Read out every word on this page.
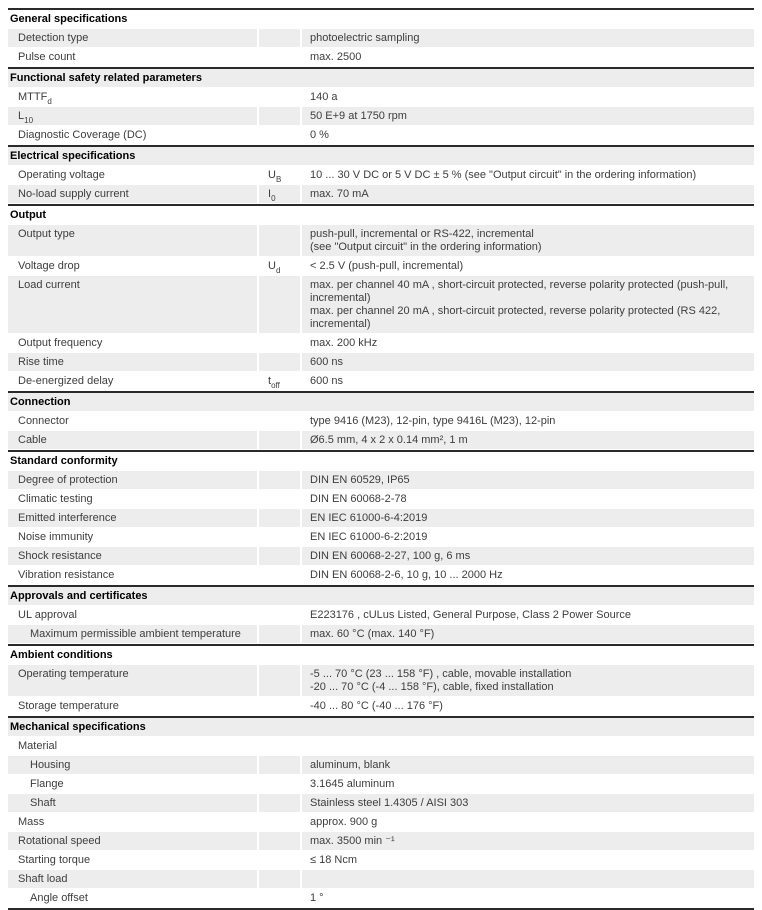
General specifications
Detection type	photoelectric sampling
Pulse count	max. 2500
Functional safety related parameters
$MTTF_d$	140 a
$L_{10}$	50 E+9 at 1750 rpm
Diagnostic Coverage (DC)	0 %
Electrical specifications
Operating voltage	$U_B$	10 ... 30 V DC or 5 V DC ± 5 % (see "Output circuit" in the ordering information)
No-load supply current	$I_0$	max. 70 mA
Output
Output type	push-pull, incremental or RS-422, incremental
(see "Output circuit" in the ordering information)
Voltage drop	$U_d$	< 2.5 V (push-pull, incremental)
Load current	max. per channel 40 mA , short-circuit protected, reverse polarity protected (push-pull, incremental)
max. per channel 20 mA , short-circuit protected, reverse polarity protected (RS 422, incremental)
Output frequency	max. 200 kHz
Rise time	600 ns
De-energized delay	$t_{off}$	600 ns
Connection
Connector	type 9416 (M23), 12-pin, type 9416L (M23), 12-pin
Cable	Ø6.5 mm, 4 x 2 x 0.14 mm², 1 m
Standard conformity
Degree of protection	DIN EN 60529, IP65
Climatic testing	DIN EN 60068-2-78
Emitted interference	EN IEC 61000-6-4:2019
Noise immunity	EN IEC 61000-6-2:2019
Shock resistance	DIN EN 60068-2-27, 100 g, 6 ms
Vibration resistance	DIN EN 60068-2-6, 10 g, 10 ... 2000 Hz
Approvals and certificates
UL approval	E223176 , cULus Listed, General Purpose, Class 2 Power Source
Maximum permissible ambient temperature	max. 60 °C (max. 140 °F)
Ambient conditions
Operating temperature	-5 ... 70 °C (23 ... 158 °F) , cable, movable installation
-20 ... 70 °C (-4 ... 158 °F), cable, fixed installation
Storage temperature	-40 ... 80 °C (-40 ... 176 °F)
Mechanical specifications
Material
Housing	aluminum, blank
Flange	3.1645 aluminum
Shaft	Stainless steel 1.4305 / AISI 303
Mass	approx. 900 g
Rotational speed	max. 3500 min ⁻¹
Starting torque	≤ 18 Ncm
Shaft load
Angle offset	1 °
